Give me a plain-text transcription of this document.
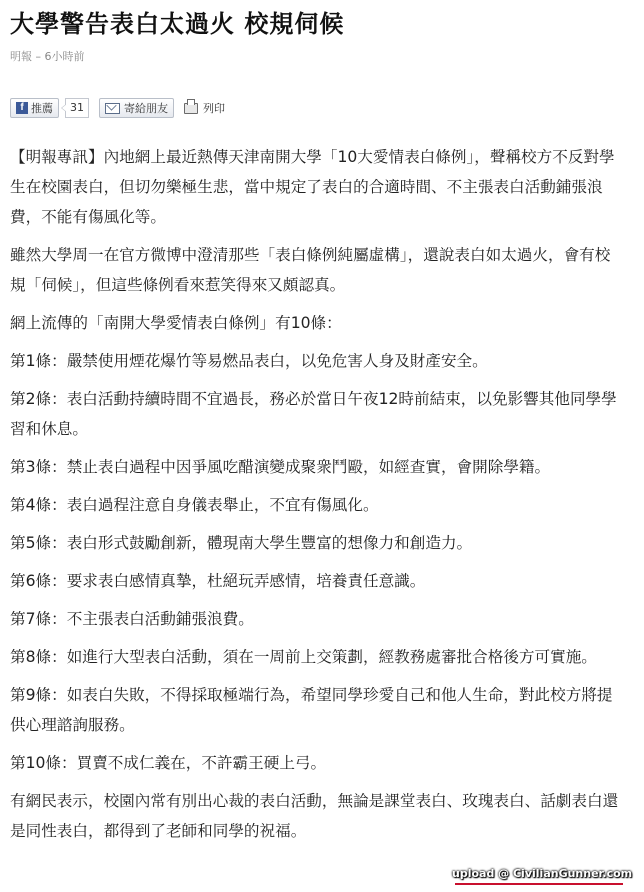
大學警告表白太過火 校規伺候
明報 – 6小時前
f 推薦	31	寄給朋友	列印

【明報專訊】內地網上最近熱傳天津南開大學「10大愛情表白條例」，聲稱校方不反對學
生在校園表白，但切勿樂極生悲，當中規定了表白的合適時間、不主張表白活動鋪張浪
費，不能有傷風化等。

雖然大學周一在官方微博中澄清那些「表白條例純屬虛構」，還說表白如太過火，會有校
規「伺候」，但這些條例看來惹笑得來又頗認真。

網上流傳的「南開大學愛情表白條例」有10條：

第1條：嚴禁使用煙花爆竹等易燃品表白，以免危害人身及財產安全。

第2條：表白活動持續時間不宜過長，務必於當日午夜12時前結束，以免影響其他同學學
習和休息。

第3條：禁止表白過程中因爭風吃醋演變成聚衆鬥毆，如經查實，會開除學籍。

第4條：表白過程注意自身儀表舉止，不宜有傷風化。

第5條：表白形式鼓勵創新，體現南大學生豐富的想像力和創造力。

第6條：要求表白感情真摯，杜絕玩弄感情，培養責任意識。

第7條：不主張表白活動鋪張浪費。

第8條：如進行大型表白活動，須在一周前上交策劃，經教務處審批合格後方可實施。

第9條：如表白失敗，不得採取極端行為，希望同學珍愛自己和他人生命，對此校方將提
供心理諮詢服務。

第10條：買賣不成仁義在，不許霸王硬上弓。

有網民表示，校園內常有別出心裁的表白活動，無論是課堂表白、玫瑰表白、話劇表白還
是同性表白，都得到了老師和同學的祝福。

upload @ CivilianGunner.com
